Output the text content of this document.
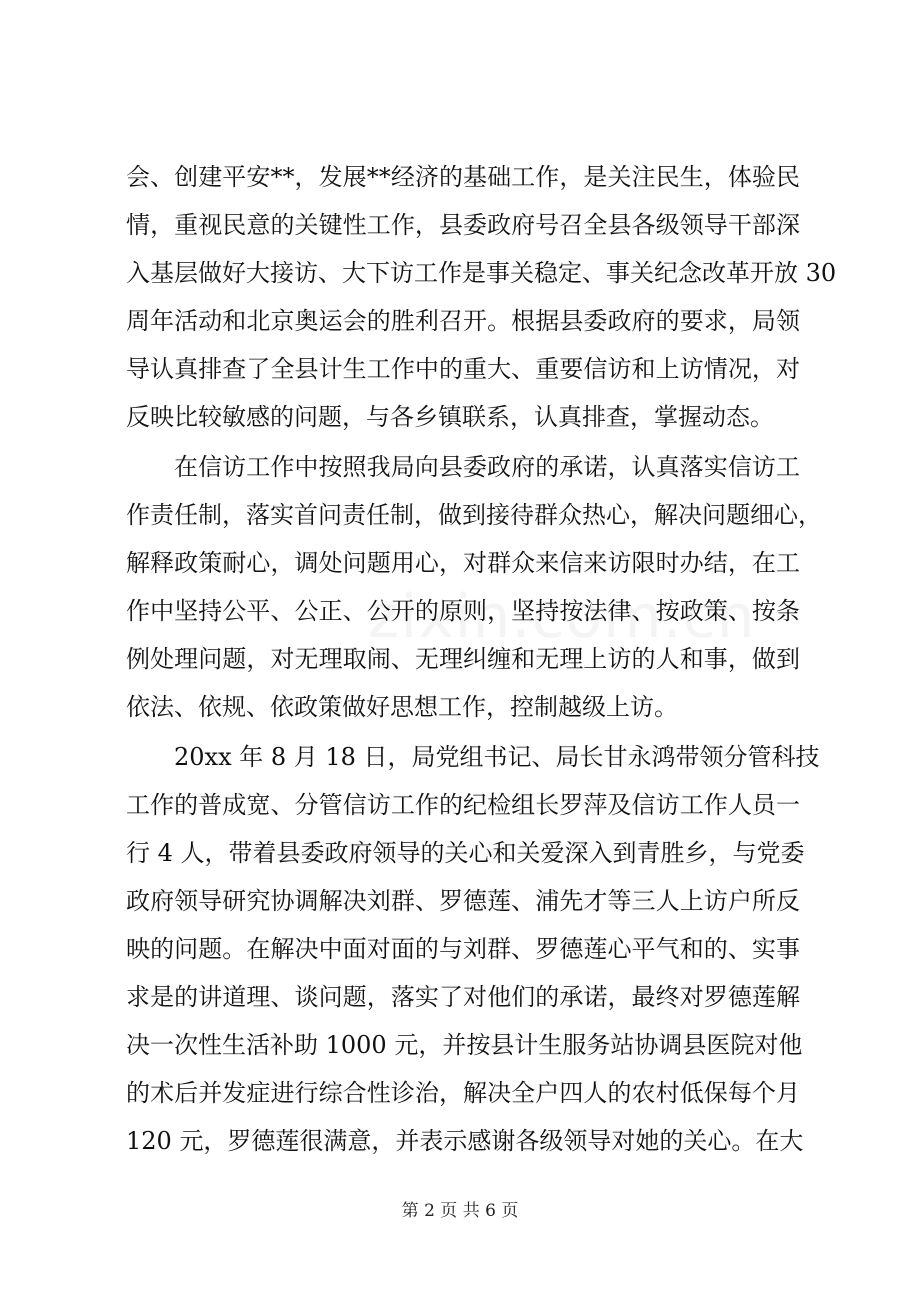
会、创建平安**，发展**经济的基础工作，是关注民生，体验民
情，重视民意的关键性工作，县委政府号召全县各级领导干部深
入基层做好大接访、大下访工作是事关稳定、事关纪念改革开放 30
周年活动和北京奥运会的胜利召开。根据县委政府的要求，局领
导认真排查了全县计生工作中的重大、重要信访和上访情况，对
反映比较敏感的问题，与各乡镇联系，认真排查，掌握动态。
在信访工作中按照我局向县委政府的承诺，认真落实信访工
作责任制，落实首问责任制，做到接待群众热心，解决问题细心，
解释政策耐心，调处问题用心，对群众来信来访限时办结，在工
作中坚持公平、公正、公开的原则，坚持按法律、按政策、按条
例处理问题，对无理取闹、无理纠缠和无理上访的人和事，做到
依法、依规、依政策做好思想工作，控制越级上访。
20xx 年 8 月 18 日，局党组书记、局长甘永鸿带领分管科技
工作的普成宽、分管信访工作的纪检组长罗萍及信访工作人员一
行 4 人，带着县委政府领导的关心和关爱深入到青胜乡，与党委
政府领导研究协调解决刘群、罗德莲、浦先才等三人上访户所反
映的问题。在解决中面对面的与刘群、罗德莲心平气和的、实事
求是的讲道理、谈问题，落实了对他们的承诺，最终对罗德莲解
决一次性生活补助 1000 元，并按县计生服务站协调县医院对他
的术后并发症进行综合性诊治，解决全户四人的农村低保每个月
120 元，罗德莲很满意，并表示感谢各级领导对她的关心。在大
第 2 页 共 6 页
